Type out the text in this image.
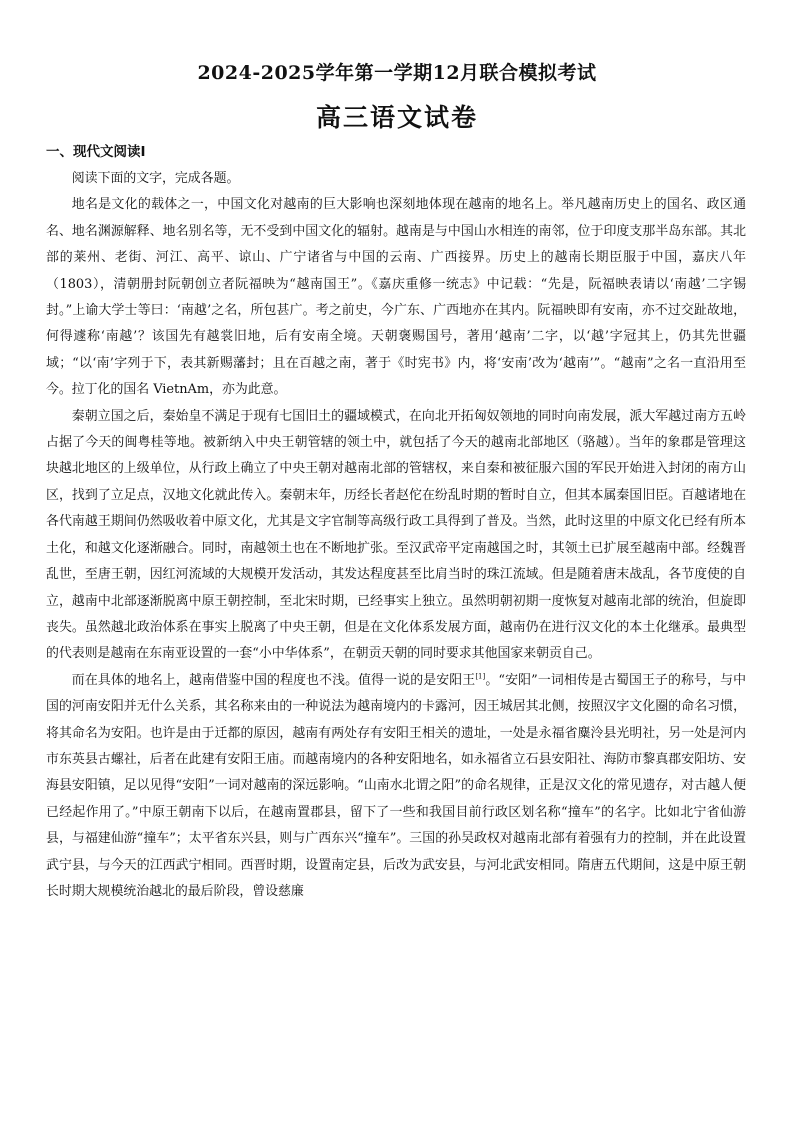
2024-2025学年第一学期12月联合模拟考试
高三语文试卷
一、现代文阅读Ⅰ

阅读下面的文字，完成各题。

地名是文化的载体之一，中国文化对越南的巨大影响也深刻地体现在越南的地名上。举凡越南历史上的国名、政区通名、地名渊源解释、地名别名等，无不受到中国文化的辐射。越南是与中国山水相连的南邻，位于印度支那半岛东部。其北部的莱州、老街、河江、高平、谅山、广宁诸省与中国的云南、广西接界。历史上的越南长期臣服于中国，嘉庆八年（1803），清朝册封阮朝创立者阮福映为“越南国王”。《嘉庆重修一统志》中记载：“先是，阮福映表请以‘南越’二字锡封。”上谕大学士等曰：‘南越’之名，所包甚广。考之前史，今广东、广西地亦在其内。阮福映即有安南，亦不过交趾故地，何得遽称‘南越’？该国先有越裳旧地，后有安南全境。天朝褒赐国号，著用‘越南’二字，以‘越’字冠其上，仍其先世疆域；“以‘南’字列于下，表其新赐藩封；且在百越之南，著于《时宪书》内，将‘安南’改为‘越南’”。“越南”之名一直沿用至今。拉丁化的国名 VietnAm，亦为此意。

秦朝立国之后，秦始皇不满足于现有七国旧土的疆域模式，在向北开拓匈奴领地的同时向南发展，派大军越过南方五岭占据了今天的闽粤桂等地。被新纳入中央王朝管辖的领土中，就包括了今天的越南北部地区（骆越）。当年的象郡是管理这块越北地区的上级单位，从行政上确立了中央王朝对越南北部的管辖权，来自秦和被征服六国的军民开始进入封闭的南方山区，找到了立足点，汉地文化就此传入。秦朝末年，历经长者赵佗在纷乱时期的暂时自立，但其本属秦国旧臣。百越诸地在各代南越王期间仍然吸收着中原文化，尤其是文字官制等高级行政工具得到了普及。当然，此时这里的中原文化已经有所本土化，和越文化逐渐融合。同时，南越领土也在不断地扩张。至汉武帝平定南越国之时，其领土已扩展至越南中部。经魏晋乱世，至唐王朝，因红河流域的大规模开发活动，其发达程度甚至比肩当时的珠江流域。但是随着唐末战乱，各节度使的自立，越南中北部逐渐脱离中原王朝控制，至北宋时期，已经事实上独立。虽然明朝初期一度恢复对越南北部的统治，但旋即丧失。虽然越北政治体系在事实上脱离了中央王朝，但是在文化体系发展方面，越南仍在进行汉文化的本土化继承。最典型的代表则是越南在东南亚设置的一套“小中华体系”，在朝贡天朝的同时要求其他国家来朝贡自己。

而在具体的地名上，越南借鉴中国的程度也不浅。值得一说的是安阳王[1]。“安阳”一词相传是古蜀国王子的称号，与中国的河南安阳并无什么关系，其名称来由的一种说法为越南境内的卡露河，因王城居其北侧，按照汉字文化圈的命名习惯，将其命名为安阳。也许是由于迁都的原因，越南有两处存有安阳王相关的遗址，一处是永福省麋泠县光明社，另一处是河内市东英县古螺社，后者在此建有安阳王庙。而越南境内的各种安阳地名，如永福省立石县安阳社、海防市黎真郡安阳坊、安海县安阳镇，足以见得“安阳”一词对越南的深远影响。“山南水北谓之阳”的命名规律，正是汉文化的常见遗存，对古越人便已经起作用了。”中原王朝南下以后，在越南置郡县，留下了一些和我国目前行政区划名称“撞车”的名字。比如北宁省仙游县，与福建仙游“撞车”；太平省东兴县，则与广西东兴“撞车”。三国的孙吴政权对越南北部有着强有力的控制，并在此设置武宁县，与今天的江西武宁相同。西晋时期，设置南定县，后改为武安县，与河北武安相同。隋唐五代期间，这是中原王朝长时期大规模统治越北的最后阶段，曾设慈廉
